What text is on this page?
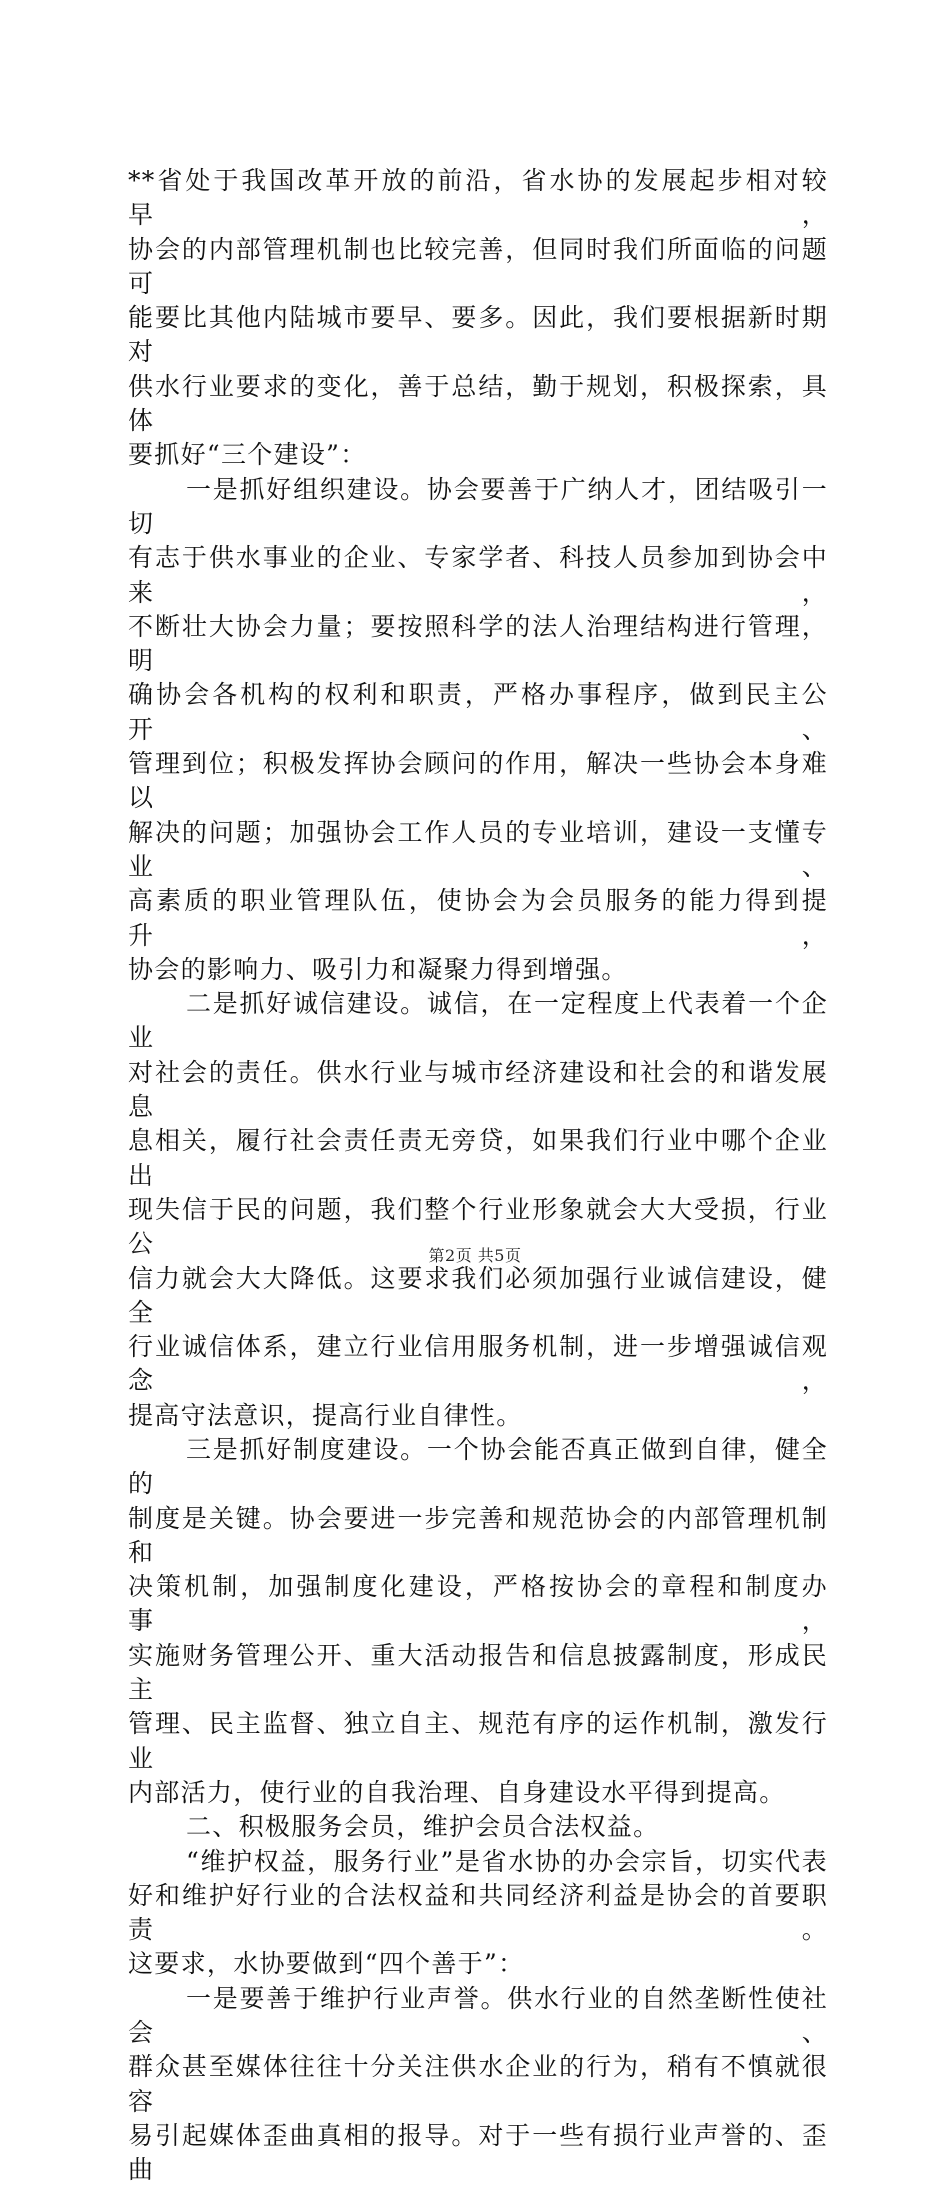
**省处于我国改革开放的前沿，省水协的发展起步相对较早，
协会的内部管理机制也比较完善，但同时我们所面临的问题可
能要比其他内陆城市要早、要多。因此，我们要根据新时期对
供水行业要求的变化，善于总结，勤于规划，积极探索，具体
要抓好“三个建设”：
一是抓好组织建设。协会要善于广纳人才，团结吸引一切
有志于供水事业的企业、专家学者、科技人员参加到协会中来，
不断壮大协会力量；要按照科学的法人治理结构进行管理，明
确协会各机构的权利和职责，严格办事程序，做到民主公开、
管理到位；积极发挥协会顾问的作用，解决一些协会本身难以
解决的问题；加强协会工作人员的专业培训，建设一支懂专业、
高素质的职业管理队伍，使协会为会员服务的能力得到提升，
协会的影响力、吸引力和凝聚力得到增强。
二是抓好诚信建设。诚信，在一定程度上代表着一个企业
对社会的责任。供水行业与城市经济建设和社会的和谐发展息
息相关，履行社会责任责无旁贷，如果我们行业中哪个企业出
现失信于民的问题，我们整个行业形象就会大大受损，行业公
信力就会大大降低。这要求我们必须加强行业诚信建设，健全
行业诚信体系，建立行业信用服务机制，进一步增强诚信观念，
提高守法意识，提高行业自律性。
三是抓好制度建设。一个协会能否真正做到自律，健全的
制度是关键。协会要进一步完善和规范协会的内部管理机制和
决策机制，加强制度化建设，严格按协会的章程和制度办事，
实施财务管理公开、重大活动报告和信息披露制度，形成民主
管理、民主监督、独立自主、规范有序的运作机制，激发行业
内部活力，使行业的自我治理、自身建设水平得到提高。
二、积极服务会员，维护会员合法权益。
“维护权益，服务行业”是省水协的办会宗旨，切实代表
好和维护好行业的合法权益和共同经济利益是协会的首要职责。
这要求，水协要做到“四个善于”：
一是要善于维护行业声誉。供水行业的自然垄断性使社会、
群众甚至媒体往往十分关注供水企业的行为，稍有不慎就很容
易引起媒体歪曲真相的报导。对于一些有损行业声誉的、歪曲
第2页 共5页
